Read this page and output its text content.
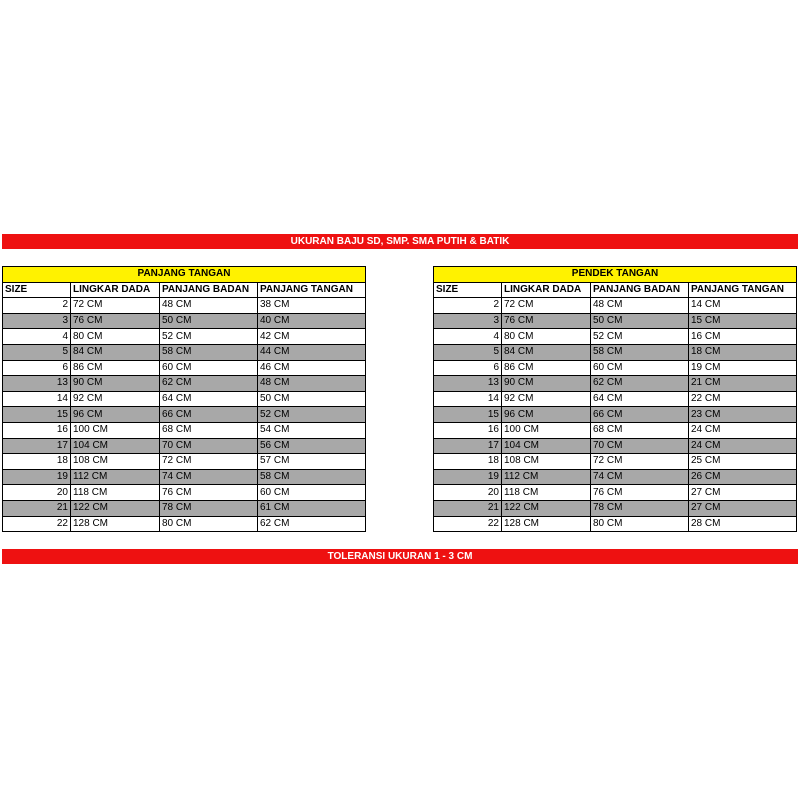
UKURAN BAJU SD, SMP. SMA PUTIH & BATIK
PANJANG TANGAN			
SIZE	LINGKAR DADA	PANJANG BADAN	PANJANG TANGAN
2	72 CM	48 CM	38 CM
3	76 CM	50 CM	40 CM
4	80 CM	52 CM	42 CM
5	84 CM	58 CM	44 CM
6	86 CM	60 CM	46 CM
13	90 CM	62 CM	48 CM
14	92 CM	64 CM	50 CM
15	96 CM	66 CM	52 CM
16	100 CM	68 CM	54 CM
17	104 CM	70 CM	56 CM
18	108 CM	72 CM	57 CM
19	112 CM	74 CM	58 CM
20	118 CM	76 CM	60 CM
21	122 CM	78 CM	61 CM
22	128 CM	80 CM	62 CM
PENDEK TANGAN			
SIZE	LINGKAR DADA	PANJANG BADAN	PANJANG TANGAN
2	72 CM	48 CM	14 CM
3	76 CM	50 CM	15 CM
4	80 CM	52 CM	16 CM
5	84 CM	58 CM	18 CM
6	86 CM	60 CM	19 CM
13	90 CM	62 CM	21 CM
14	92 CM	64 CM	22 CM
15	96 CM	66 CM	23 CM
16	100 CM	68 CM	24 CM
17	104 CM	70 CM	24 CM
18	108 CM	72 CM	25 CM
19	112 CM	74 CM	26 CM
20	118 CM	76 CM	27 CM
21	122 CM	78 CM	27 CM
22	128 CM	80 CM	28 CM
TOLERANSI UKURAN 1 - 3 CM
